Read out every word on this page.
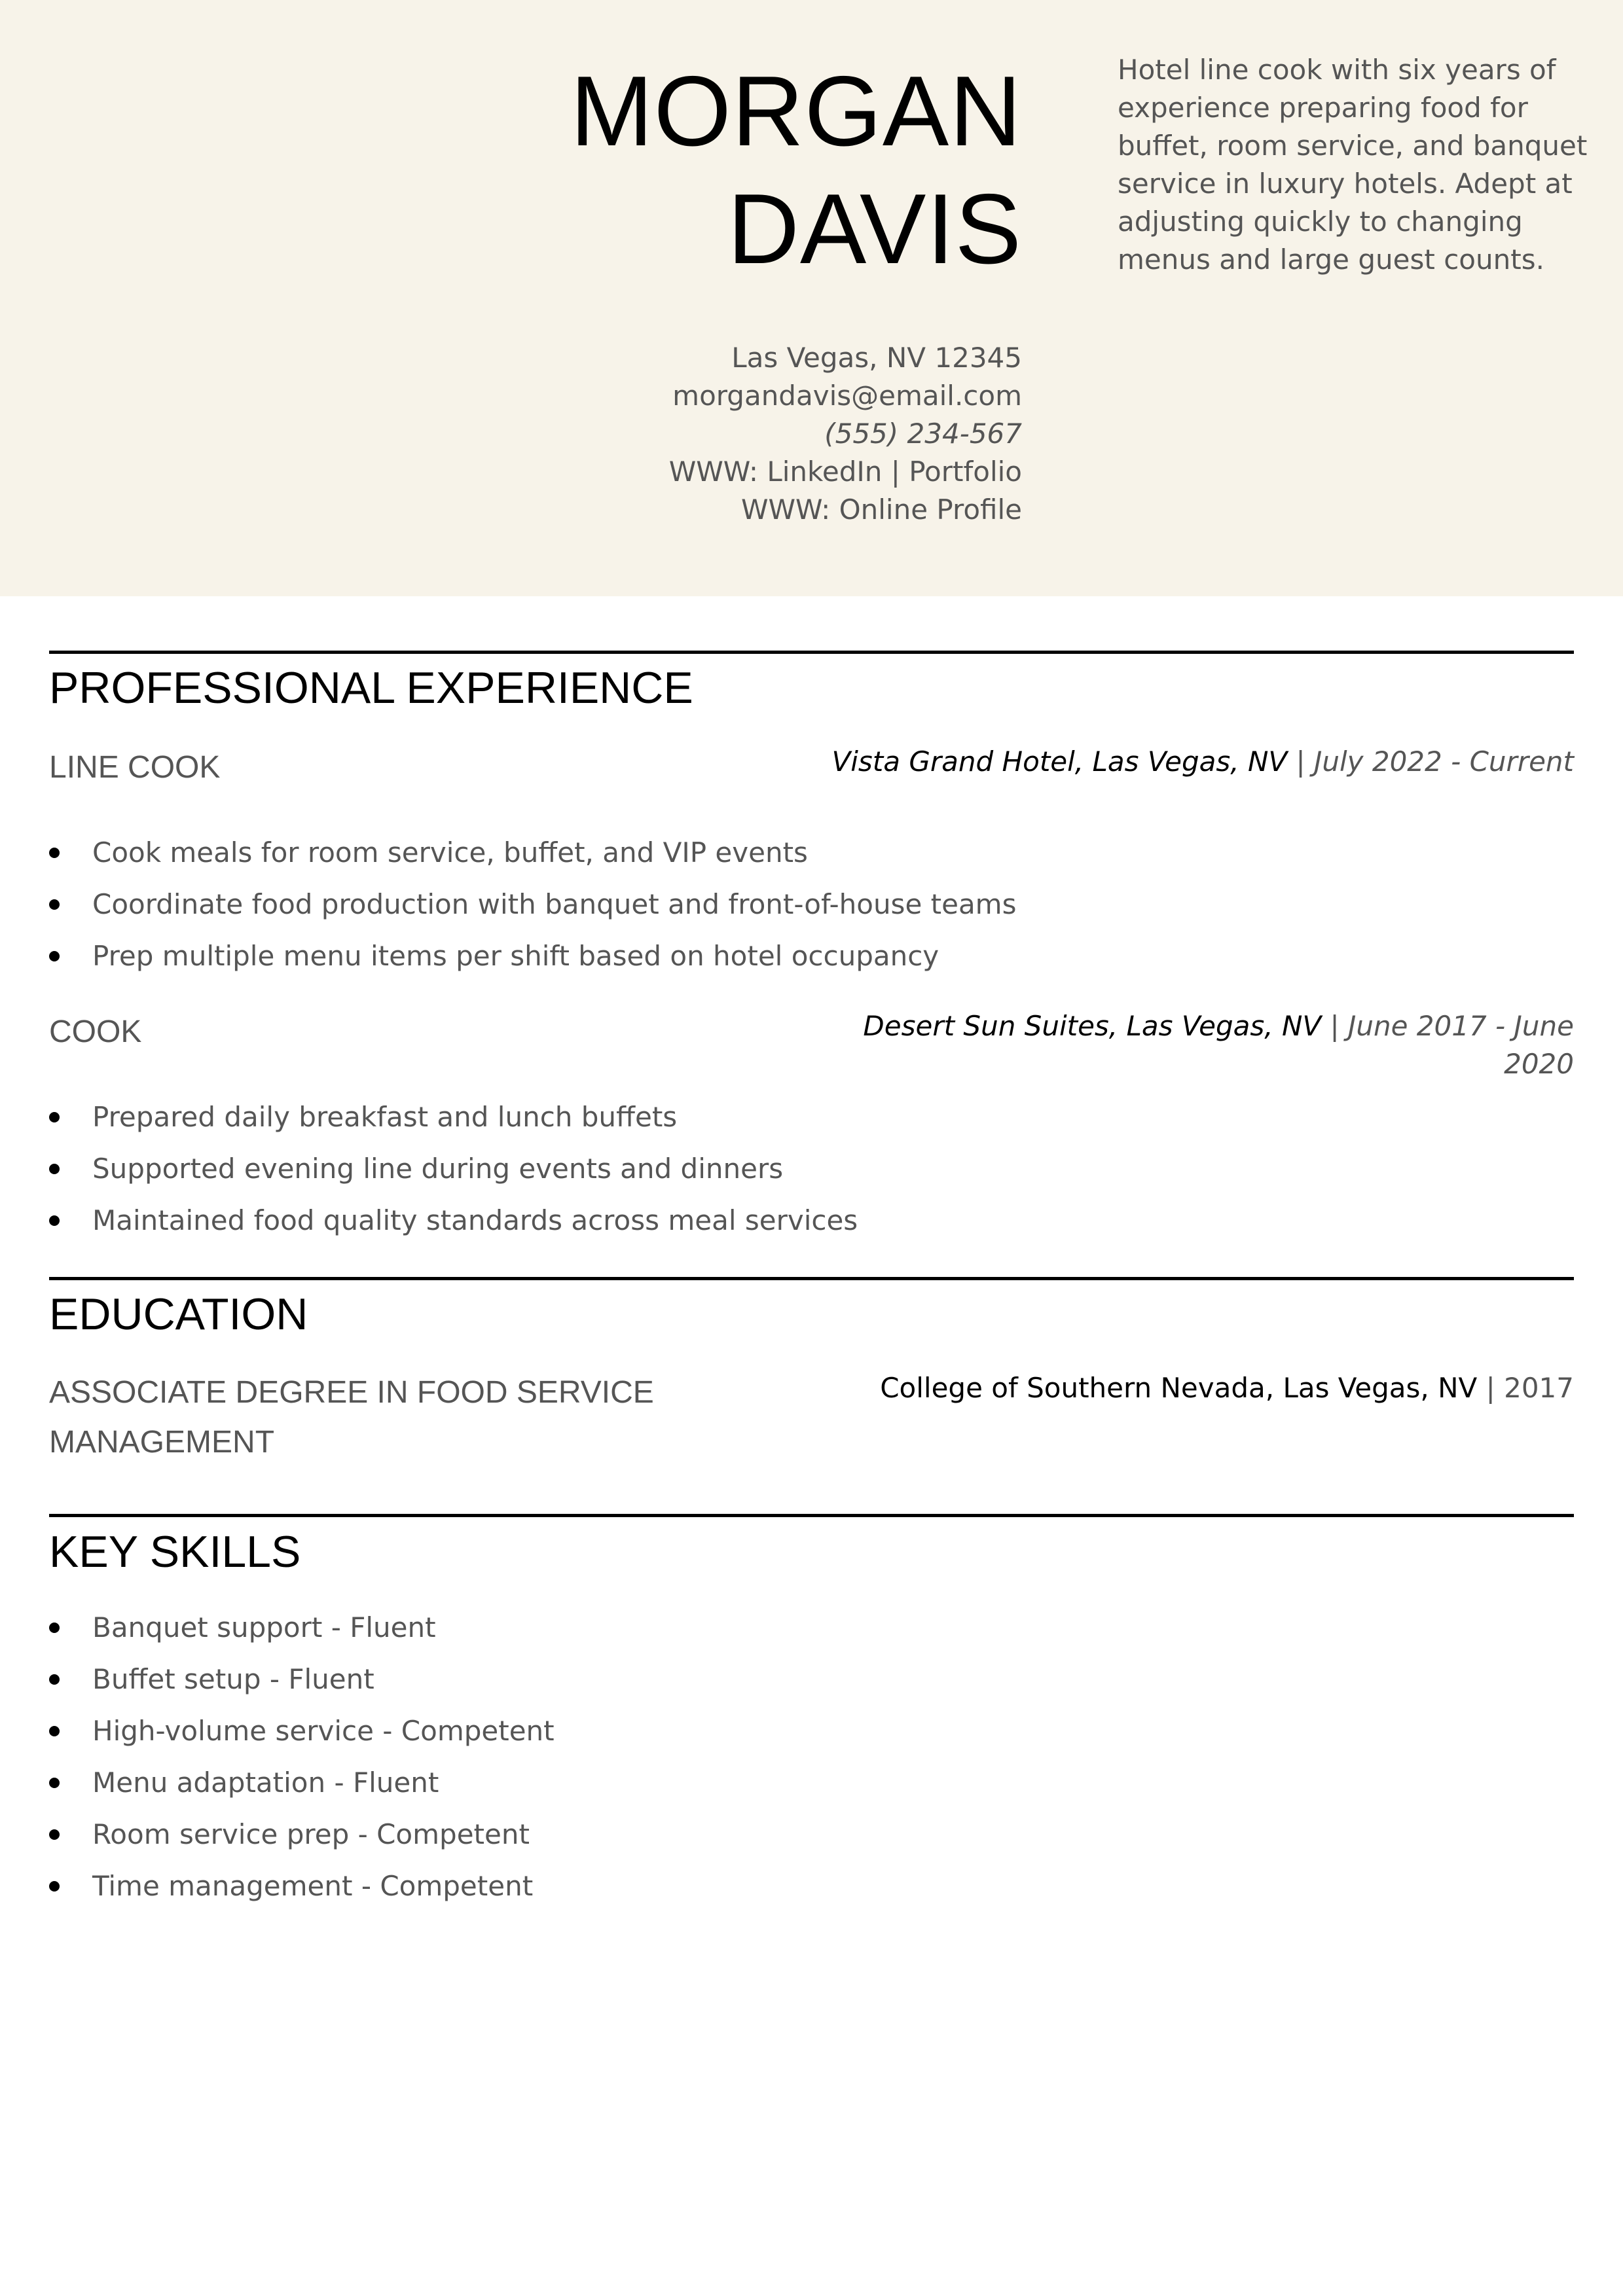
MORGAN
DAVIS
Las Vegas, NV 12345
morgandavis@email.com
(555) 234-567
WWW: LinkedIn | Portfolio
WWW: Online Profile
Hotel line cook with six years of experience preparing food for buffet, room service, and banquet service in luxury hotels. Adept at adjusting quickly to changing menus and large guest counts.
PROFESSIONAL EXPERIENCE
LINE COOK	Vista Grand Hotel, Las Vegas, NV | July 2022 - Current
Cook meals for room service, buffet, and VIP events
Coordinate food production with banquet and front-of-house teams
Prep multiple menu items per shift based on hotel occupancy
COOK	Desert Sun Suites, Las Vegas, NV | June 2017 - June 2020
Prepared daily breakfast and lunch buffets
Supported evening line during events and dinners
Maintained food quality standards across meal services
EDUCATION
ASSOCIATE DEGREE IN FOOD SERVICE MANAGEMENT
College of Southern Nevada, Las Vegas, NV | 2017
KEY SKILLS
Banquet support - Fluent
Buffet setup - Fluent
High-volume service - Competent
Menu adaptation - Fluent
Room service prep - Competent
Time management - Competent
